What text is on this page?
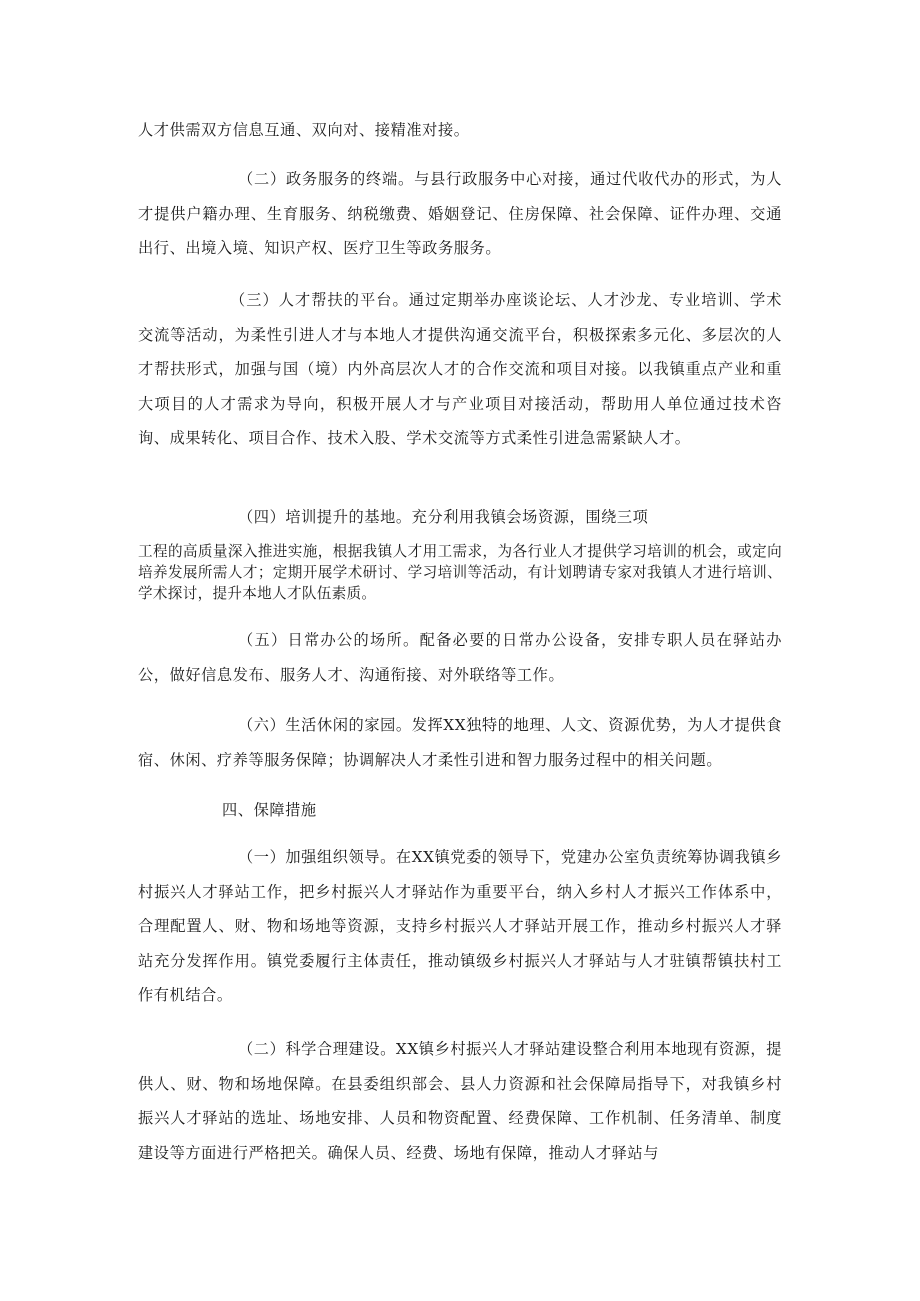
人才供需双方信息互通、双向对、接精准对接。

（二）政务服务的终端。与县行政服务中心对接，通过代收代办的形式，为人才提供户籍办理、生育服务、纳税缴费、婚姻登记、住房保障、社会保障、证件办理、交通出行、出境入境、知识产权、医疗卫生等政务服务。

（三）人才帮扶的平台。通过定期举办座谈论坛、人才沙龙、专业培训、学术交流等活动，为柔性引进人才与本地人才提供沟通交流平台，积极探索多元化、多层次的人才帮扶形式，加强与国（境）内外高层次人才的合作交流和项目对接。以我镇重点产业和重大项目的人才需求为导向，积极开展人才与产业项目对接活动，帮助用人单位通过技术咨询、成果转化、项目合作、技术入股、学术交流等方式柔性引进急需紧缺人才。

（四）培训提升的基地。充分利用我镇会场资源，围绕三项

工程的高质量深入推进实施，根据我镇人才用工需求，为各行业人才提供学习培训的机会，或定向培养发展所需人才；定期开展学术研讨、学习培训等活动，有计划聘请专家对我镇人才进行培训、学术探讨，提升本地人才队伍素质。

（五）日常办公的场所。配备必要的日常办公设备，安排专职人员在驿站办公，做好信息发布、服务人才、沟通衔接、对外联络等工作。

（六）生活休闲的家园。发挥XX独特的地理、人文、资源优势，为人才提供食宿、休闲、疗养等服务保障；协调解决人才柔性引进和智力服务过程中的相关问题。

四、保障措施

（一）加强组织领导。在XX镇党委的领导下，党建办公室负责统筹协调我镇乡村振兴人才驿站工作，把乡村振兴人才驿站作为重要平台，纳入乡村人才振兴工作体系中，合理配置人、财、物和场地等资源，支持乡村振兴人才驿站开展工作，推动乡村振兴人才驿站充分发挥作用。镇党委履行主体责任，推动镇级乡村振兴人才驿站与人才驻镇帮镇扶村工作有机结合。

（二）科学合理建设。XX镇乡村振兴人才驿站建设整合利用本地现有资源，提供人、财、物和场地保障。在县委组织部会、县人力资源和社会保障局指导下，对我镇乡村振兴人才驿站的选址、场地安排、人员和物资配置、经费保障、工作机制、任务清单、制度建设等方面进行严格把关。确保人员、经费、场地有保障，推动人才驿站与
